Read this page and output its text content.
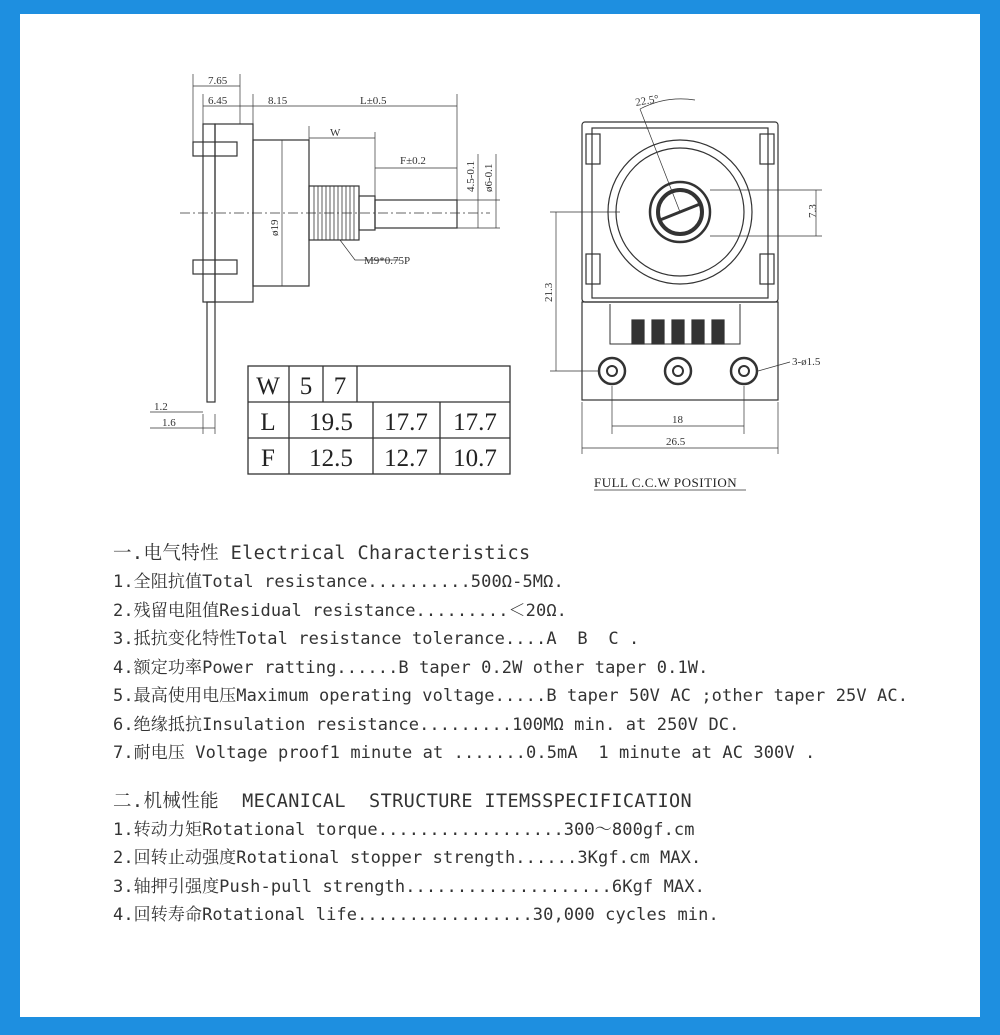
7.65
6.45	8.15	L±0.5
W
F±0.2	4.5-0.1 ø6-0.1
ø19
M9*0.75P
1.2
1.6
22.5°
7.3
21.3
3-ø1.5
18
26.5
FULL C.C.W POSITION
W 5 7
L 19.5 17.7 17.7
F 12.5 12.7 10.7

一.电气特性 Electrical Characteristics

1.全阻抗值Total resistance..........500Ω-5MΩ.

2.残留电阻值Residual resistance.........＜20Ω.

3.抵抗变化特性Total resistance tolerance....A  B  C .

4.额定功率Power ratting......B taper 0.2W other taper 0.1W.

5.最高使用电压Maximum operating voltage.....B taper 50V AC ;other taper 25V AC.

6.绝缘抵抗Insulation resistance.........100MΩ min. at 250V DC.

7.耐电压 Voltage proof1 minute at .......0.5mA  1 minute at AC 300V .

二.机械性能  MECANICAL  STRUCTURE ITEMSSPECIFICATION

1.转动力矩Rotational torque..................300～800gf.cm

2.回转止动强度Rotational stopper strength......3Kgf.cm MAX.

3.轴押引强度Push-pull strength....................6Kgf MAX.

4.回转寿命Rotational life.................30,000 cycles min.
